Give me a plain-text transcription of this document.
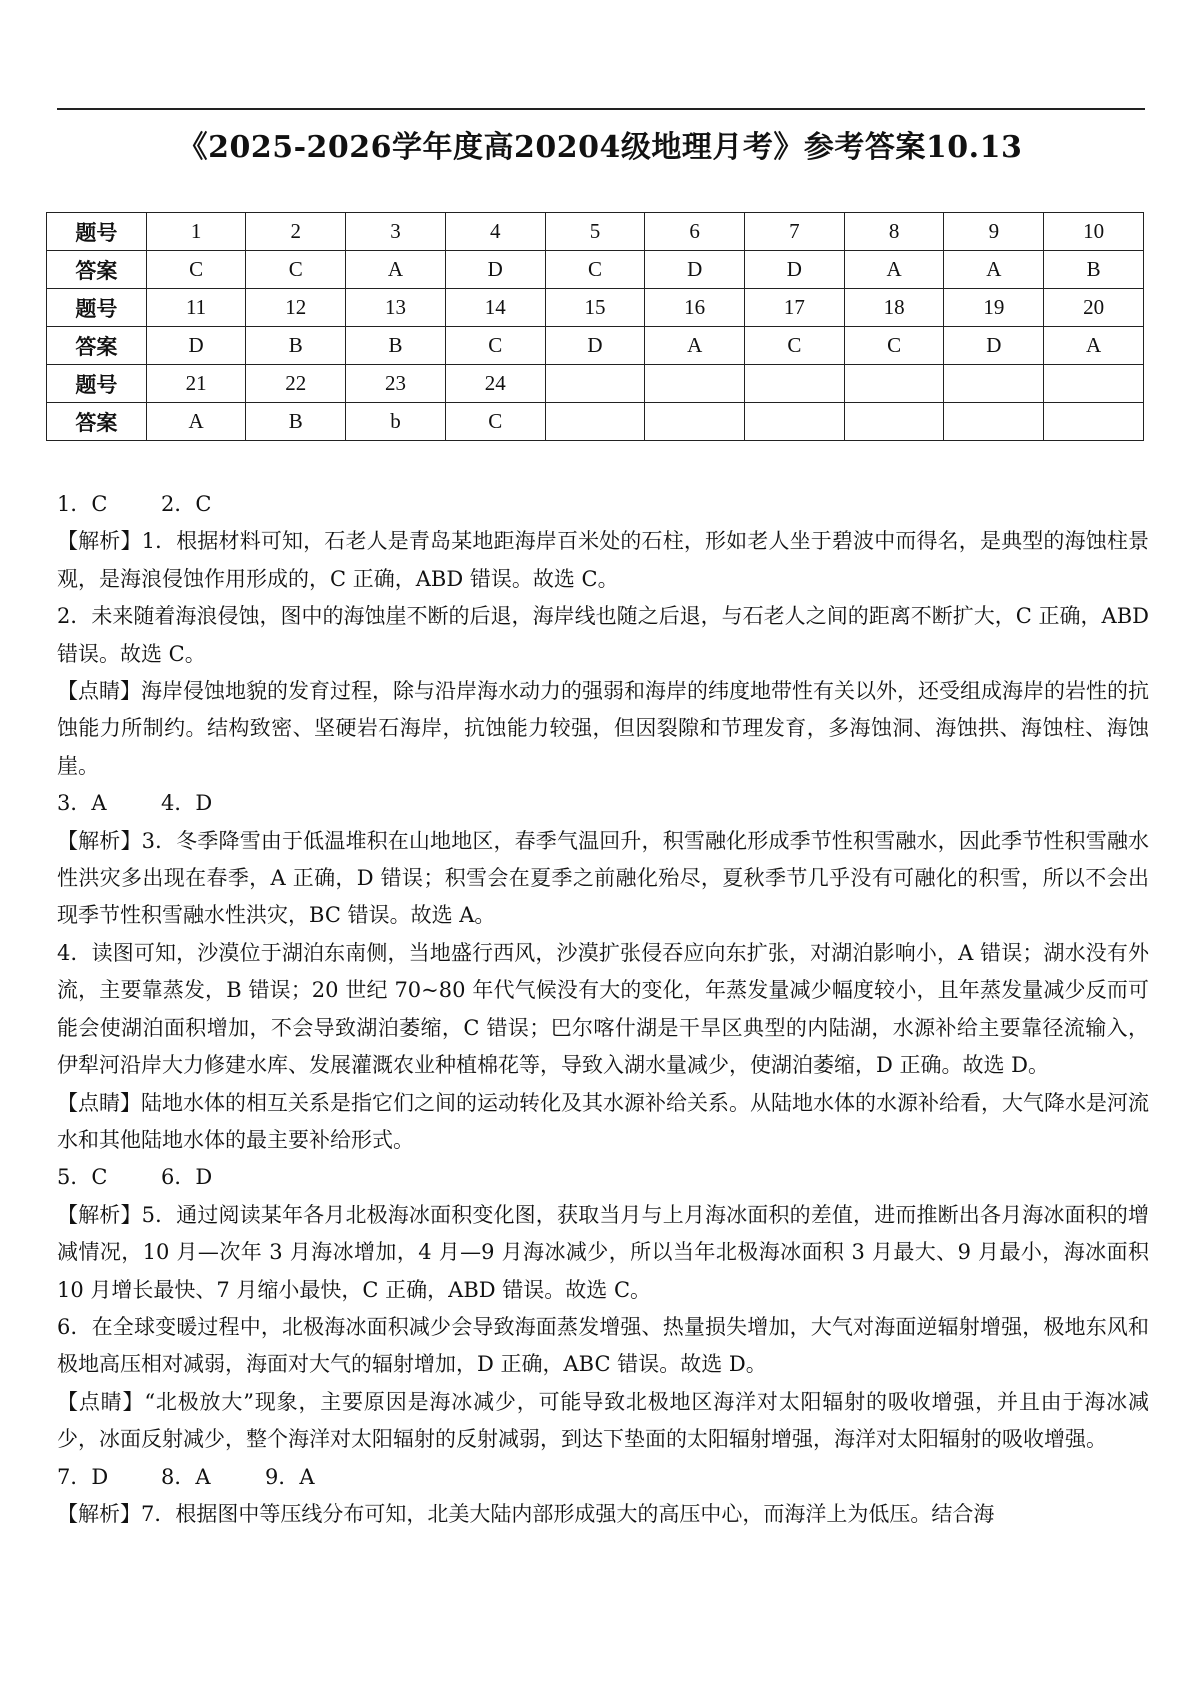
《2025-2026学年度高20204级地理月考》参考答案10.13
题号	1	2	3	4	5	6	7	8	9	10
答案	C	C	A	D	C	D	D	A	A	B
题号	11	12	13	14	15	16	17	18	19	20
答案	D	B	B	C	D	A	C	C	D	A
题号	21	22	23	24						
答案	A	B	b	C						

1．C	2．C

【解析】1．根据材料可知，石老人是青岛某地距海岸百米处的石柱，形如老人坐于碧波中而得名，是典型的海蚀柱景观，是海浪侵蚀作用形成的，C 正确，ABD 错误。故选 C。

2．未来随着海浪侵蚀，图中的海蚀崖不断的后退，海岸线也随之后退，与石老人之间的距离不断扩大，C 正确，ABD 错误。故选 C。

【点睛】海岸侵蚀地貌的发育过程，除与沿岸海水动力的强弱和海岸的纬度地带性有关以外，还受组成海岸的岩性的抗蚀能力所制约。结构致密、坚硬岩石海岸，抗蚀能力较强，但因裂隙和节理发育，多海蚀洞、海蚀拱、海蚀柱、海蚀崖。

3．A	4．D

【解析】3．冬季降雪由于低温堆积在山地地区，春季气温回升，积雪融化形成季节性积雪融水，因此季节性积雪融水性洪灾多出现在春季，A 正确，D 错误；积雪会在夏季之前融化殆尽，夏秋季节几乎没有可融化的积雪，所以不会出现季节性积雪融水性洪灾，BC 错误。故选 A。

4．读图可知，沙漠位于湖泊东南侧，当地盛行西风，沙漠扩张侵吞应向东扩张，对湖泊影响小，A 错误；湖水没有外流，主要靠蒸发，B 错误；20 世纪 70~80 年代气候没有大的变化，年蒸发量减少幅度较小，且年蒸发量减少反而可能会使湖泊面积增加，不会导致湖泊萎缩，C 错误；巴尔喀什湖是干旱区典型的内陆湖，水源补给主要靠径流输入，伊犁河沿岸大力修建水库、发展灌溉农业种植棉花等，导致入湖水量减少，使湖泊萎缩，D 正确。故选 D。

【点睛】陆地水体的相互关系是指它们之间的运动转化及其水源补给关系。从陆地水体的水源补给看，大气降水是河流水和其他陆地水体的最主要补给形式。

5．C	6．D

【解析】5．通过阅读某年各月北极海冰面积变化图，获取当月与上月海冰面积的差值，进而推断出各月海冰面积的增减情况，10 月—次年 3 月海冰增加，4 月—9 月海冰减少，所以当年北极海冰面积 3 月最大、9 月最小，海冰面积 10 月增长最快、7 月缩小最快，C 正确，ABD 错误。故选 C。

6．在全球变暖过程中，北极海冰面积减少会导致海面蒸发增强、热量损失增加，大气对海面逆辐射增强，极地东风和极地高压相对减弱，海面对大气的辐射增加，D 正确，ABC 错误。故选 D。

【点睛】“北极放大”现象，主要原因是海冰减少，可能导致北极地区海洋对太阳辐射的吸收增强，并且由于海冰减少，冰面反射减少，整个海洋对太阳辐射的反射减弱，到达下垫面的太阳辐射增强，海洋对太阳辐射的吸收增强。

7．D	8．A	9．A

【解析】7．根据图中等压线分布可知，北美大陆内部形成强大的高压中心，而海洋上为低压。结合海
